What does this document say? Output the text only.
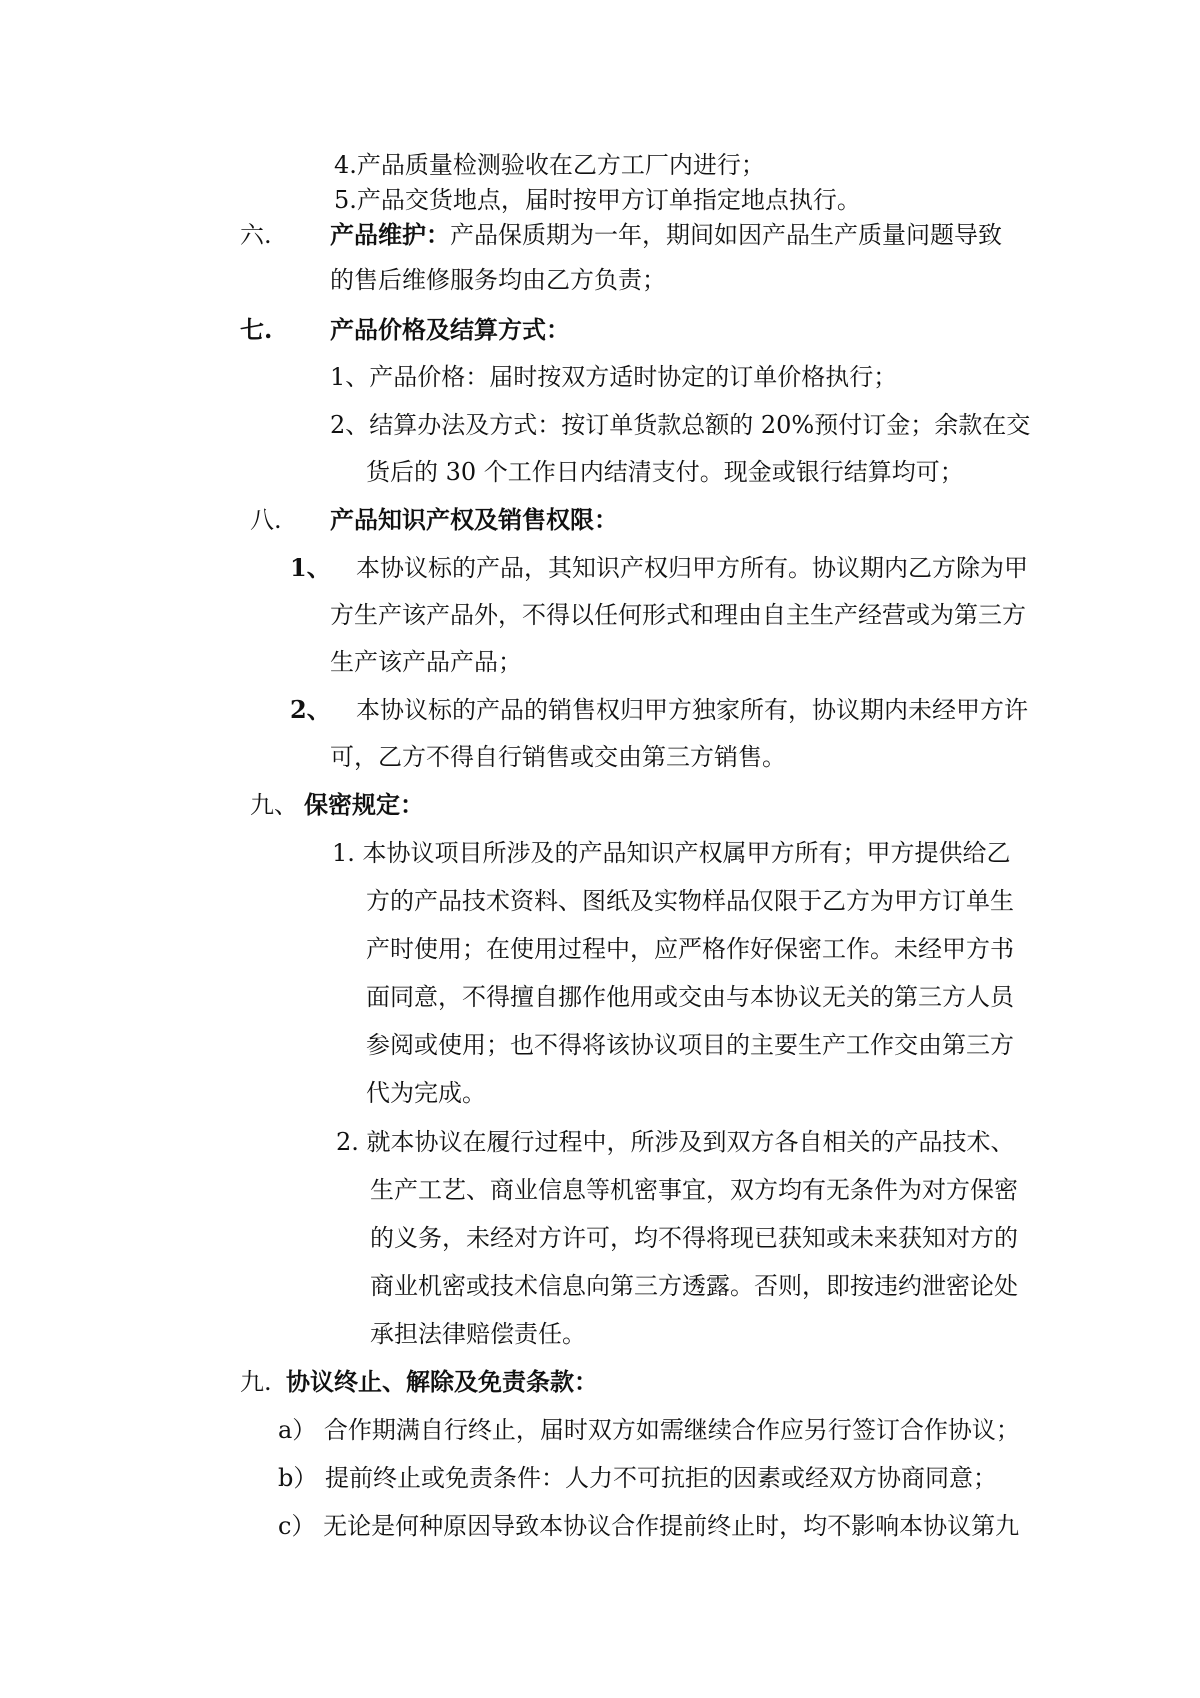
4.产品质量检测验收在乙方工厂内进行；
5.产品交货地点，届时按甲方订单指定地点执行。
六. 产品维护：产品保质期为一年，期间如因产品生产质量问题导致
的售后维修服务均由乙方负责；
七. 产品价格及结算方式：
1、产品价格：届时按双方适时协定的订单价格执行；
2、结算办法及方式：按订单货款总额的 20%预付订金；余款在交
货后的 30 个工作日内结清支付。现金或银行结算均可；
八. 产品知识产权及销售权限：
1、 本协议标的产品，其知识产权归甲方所有。协议期内乙方除为甲
方生产该产品外，不得以任何形式和理由自主生产经营或为第三方
生产该产品产品；
2、 本协议标的产品的销售权归甲方独家所有，协议期内未经甲方许
可，乙方不得自行销售或交由第三方销售。
九、 保密规定：
1. 本协议项目所涉及的产品知识产权属甲方所有；甲方提供给乙
方的产品技术资料、图纸及实物样品仅限于乙方为甲方订单生
产时使用；在使用过程中，应严格作好保密工作。未经甲方书
面同意，不得擅自挪作他用或交由与本协议无关的第三方人员
参阅或使用；也不得将该协议项目的主要生产工作交由第三方
代为完成。
2. 就本协议在履行过程中，所涉及到双方各自相关的产品技术、
生产工艺、商业信息等机密事宜，双方均有无条件为对方保密
的义务，未经对方许可，均不得将现已获知或未来获知对方的
商业机密或技术信息向第三方透露。否则，即按违约泄密论处
承担法律赔偿责任。
九. 协议终止、解除及免责条款：
a） 合作期满自行终止，届时双方如需继续合作应另行签订合作协议；
b） 提前终止或免责条件：人力不可抗拒的因素或经双方协商同意；
c） 无论是何种原因导致本协议合作提前终止时，均不影响本协议第九
